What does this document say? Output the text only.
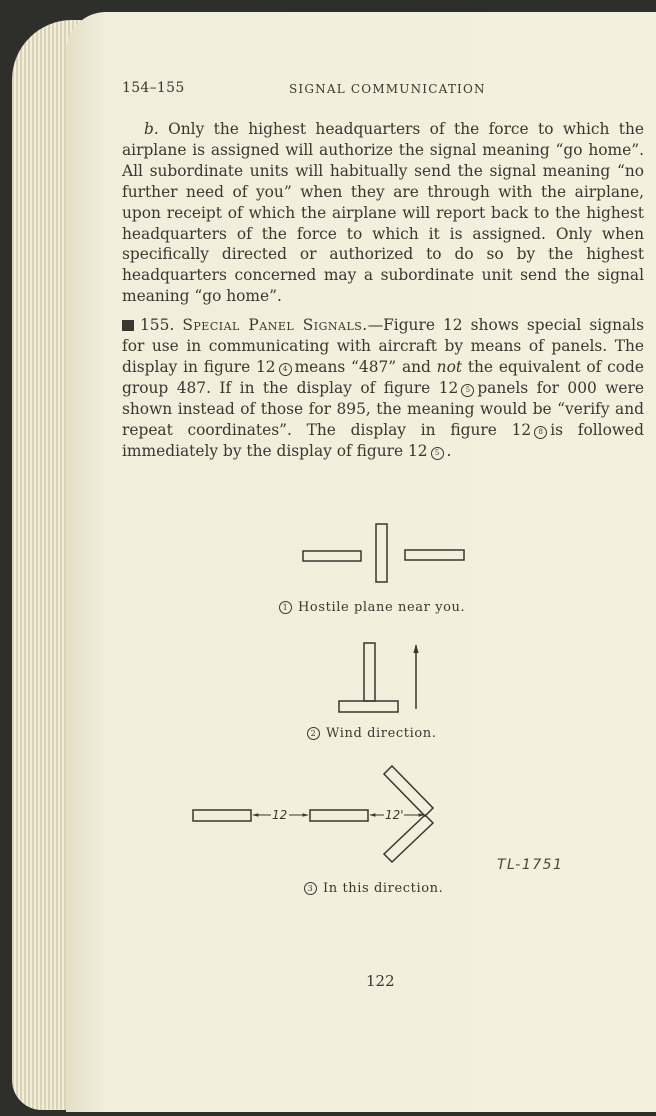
154–155	SIGNAL COMMUNICATION

b. Only the highest headquarters of the force to which the airplane is assigned will authorize the signal meaning “go home”. All subordinate units will habitually send the signal meaning “no further need of you” when they are through with the airplane, upon receipt of which the airplane will report back to the highest headquarters of the force to which it is assigned. Only when specifically directed or authorized to do so by the highest headquarters concerned may a subordinate unit send the signal meaning “go home”.

155. Special Panel Signals.—Figure 12 shows special signals for use in communicating with aircraft by means of panels. The display in figure 12 4 means “487” and not the equivalent of code group 487. If in the display of figure 12 5 panels for 000 were shown instead of those for 895, the meaning would be “verify and repeat coordinates”. The display in figure 12 8 is followed immediately by the display of figure 12 5 .

12	12'
1 Hostile plane near you.
2 Wind direction.
3 In this direction.
TL-1751
122
